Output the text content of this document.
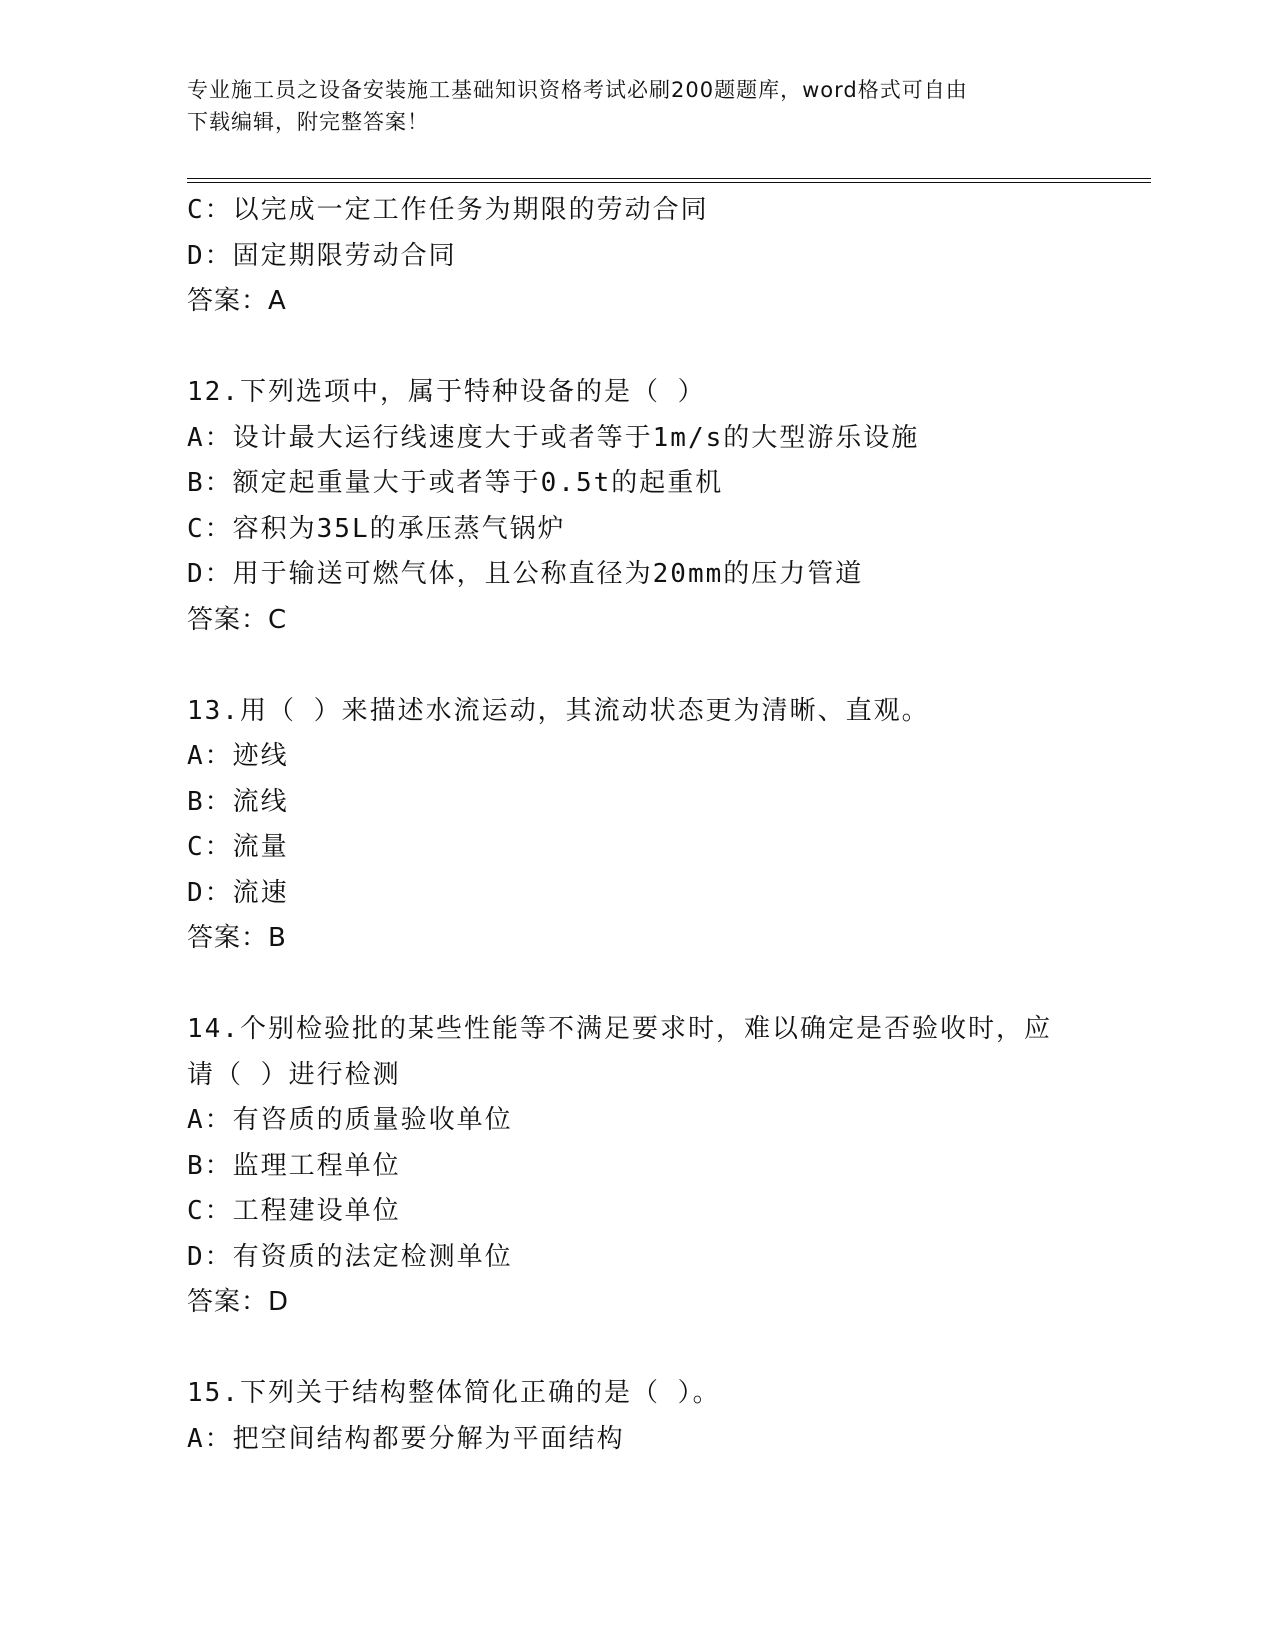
专业施工员之设备安装施工基础知识资格考试必刷200题题库，word格式可自由
下载编辑，附完整答案！
C：以完成一定工作任务为期限的劳动合同
D：固定期限劳动合同
答案：A
12.下列选项中，属于特种设备的是（ ）
A：设计最大运行线速度大于或者等于1m/s的大型游乐设施
B：额定起重量大于或者等于0.5t的起重机
C：容积为35L的承压蒸气锅炉
D：用于输送可燃气体，且公称直径为20mm的压力管道
答案：C
13.用（ ）来描述水流运动，其流动状态更为清晰、直观。
A：迹线
B：流线
C：流量
D：流速
答案：B
14.个别检验批的某些性能等不满足要求时，难以确定是否验收时，应
请（ ）进行检测
A：有咨质的质量验收单位
B：监理工程单位
C：工程建设单位
D：有资质的法定检测单位
答案：D
15.下列关于结构整体简化正确的是（ ）。
A：把空间结构都要分解为平面结构
